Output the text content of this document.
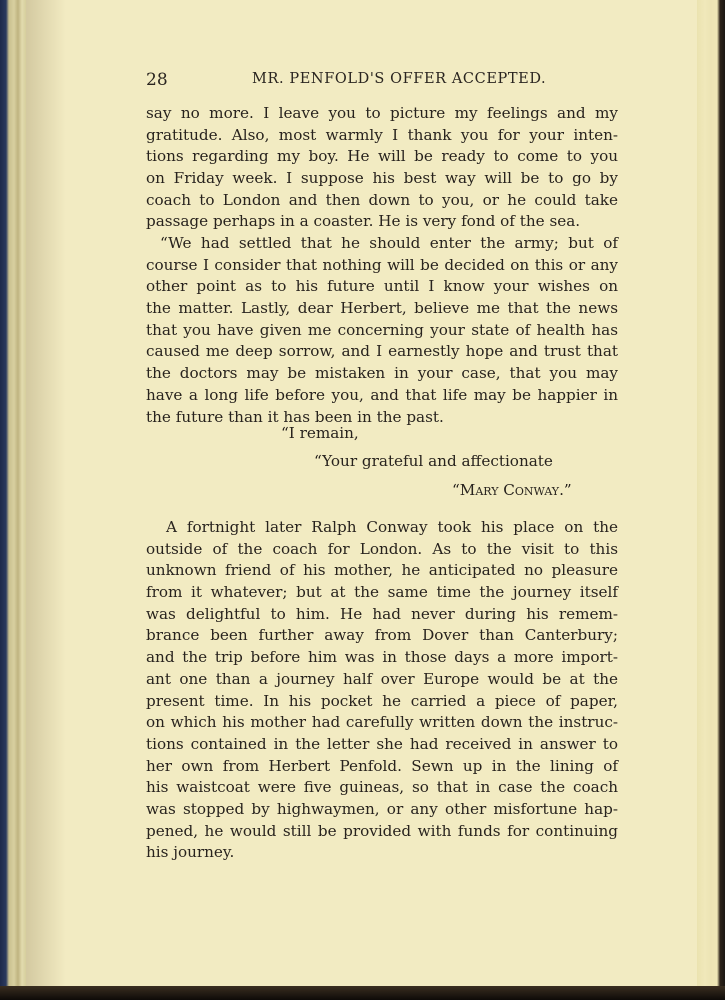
28	MR. PENFOLD'S OFFER ACCEPTED.
say no more. I leave you to picture my feelings and my
gratitude. Also, most warmly I thank you for your inten-
tions regarding my boy. He will be ready to come to you
on Friday week. I suppose his best way will be to go by
coach to London and then down to you, or he could take
passage perhaps in a coaster. He is very fond of the sea.
“We had settled that he should enter the army; but of
course I consider that nothing will be decided on this or any
other point as to his future until I know your wishes on
the matter. Lastly, dear Herbert, believe me that the news
that you have given me concerning your state of health has
caused me deep sorrow, and I earnestly hope and trust that
the doctors may be mistaken in your case, that you may
have a long life before you, and that life may be happier in
the future than it has been in the past.
“I remain,
“Your grateful and affectionate
“Mary Conway.”
A fortnight later Ralph Conway took his place on the
outside of the coach for London. As to the visit to this
unknown friend of his mother, he anticipated no pleasure
from it whatever; but at the same time the journey itself
was delightful to him. He had never during his remem-
brance been further away from Dover than Canterbury;
and the trip before him was in those days a more import-
ant one than a journey half over Europe would be at the
present time. In his pocket he carried a piece of paper,
on which his mother had carefully written down the instruc-
tions contained in the letter she had received in answer to
her own from Herbert Penfold. Sewn up in the lining of
his waistcoat were five guineas, so that in case the coach
was stopped by highwaymen, or any other misfortune hap-
pened, he would still be provided with funds for continuing
his journey.
